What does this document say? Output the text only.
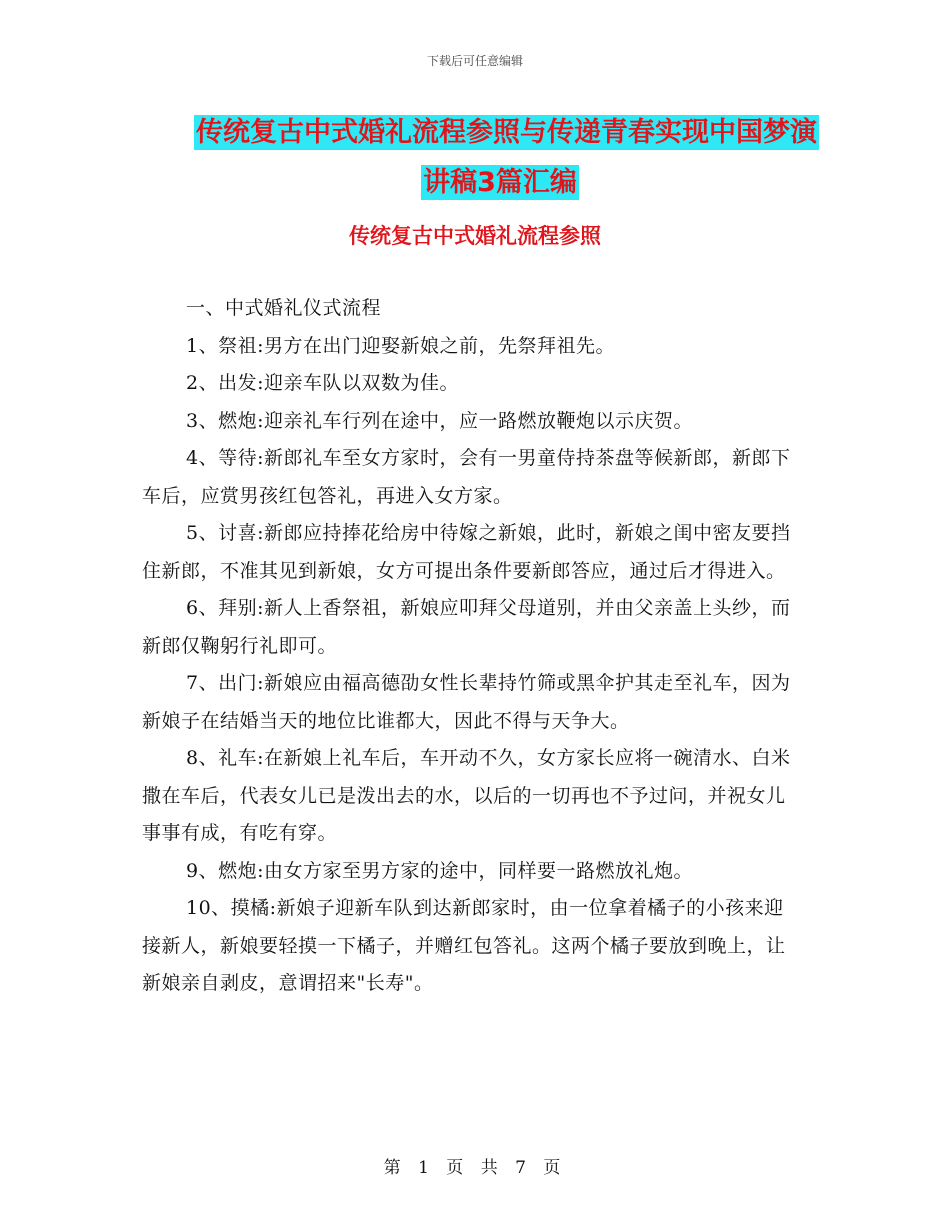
下载后可任意编辑
传统复古中式婚礼流程参照与传递青春实现中国梦演
讲稿3篇汇编
传统复古中式婚礼流程参照

一、中式婚礼仪式流程

1、祭祖:男方在出门迎娶新娘之前，先祭拜祖先。

2、出发:迎亲车队以双数为佳。

3、燃炮:迎亲礼车行列在途中，应一路燃放鞭炮以示庆贺。

4、等待:新郎礼车至女方家时，会有一男童侍持茶盘等候新郎，新郎下车后，应赏男孩红包答礼，再进入女方家。

5、讨喜:新郎应持捧花给房中待嫁之新娘，此时，新娘之闺中密友要挡住新郎，不准其见到新娘，女方可提出条件要新郎答应，通过后才得进入。

6、拜别:新人上香祭祖，新娘应叩拜父母道别，并由父亲盖上头纱，而新郎仅鞠躬行礼即可。

7、出门:新娘应由福高德劭女性长辈持竹筛或黑伞护其走至礼车，因为新娘子在结婚当天的地位比谁都大，因此不得与天争大。

8、礼车:在新娘上礼车后，车开动不久，女方家长应将一碗清水、白米撒在车后，代表女儿已是泼出去的水，以后的一切再也不予过问，并祝女儿事事有成，有吃有穿。

9、燃炮:由女方家至男方家的途中，同样要一路燃放礼炮。

10、摸橘:新娘子迎新车队到达新郎家时，由一位拿着橘子的小孩来迎接新人，新娘要轻摸一下橘子，并赠红包答礼。这两个橘子要放到晚上，让新娘亲自剥皮，意谓招来"长寿"。

第 1 页 共 7 页
